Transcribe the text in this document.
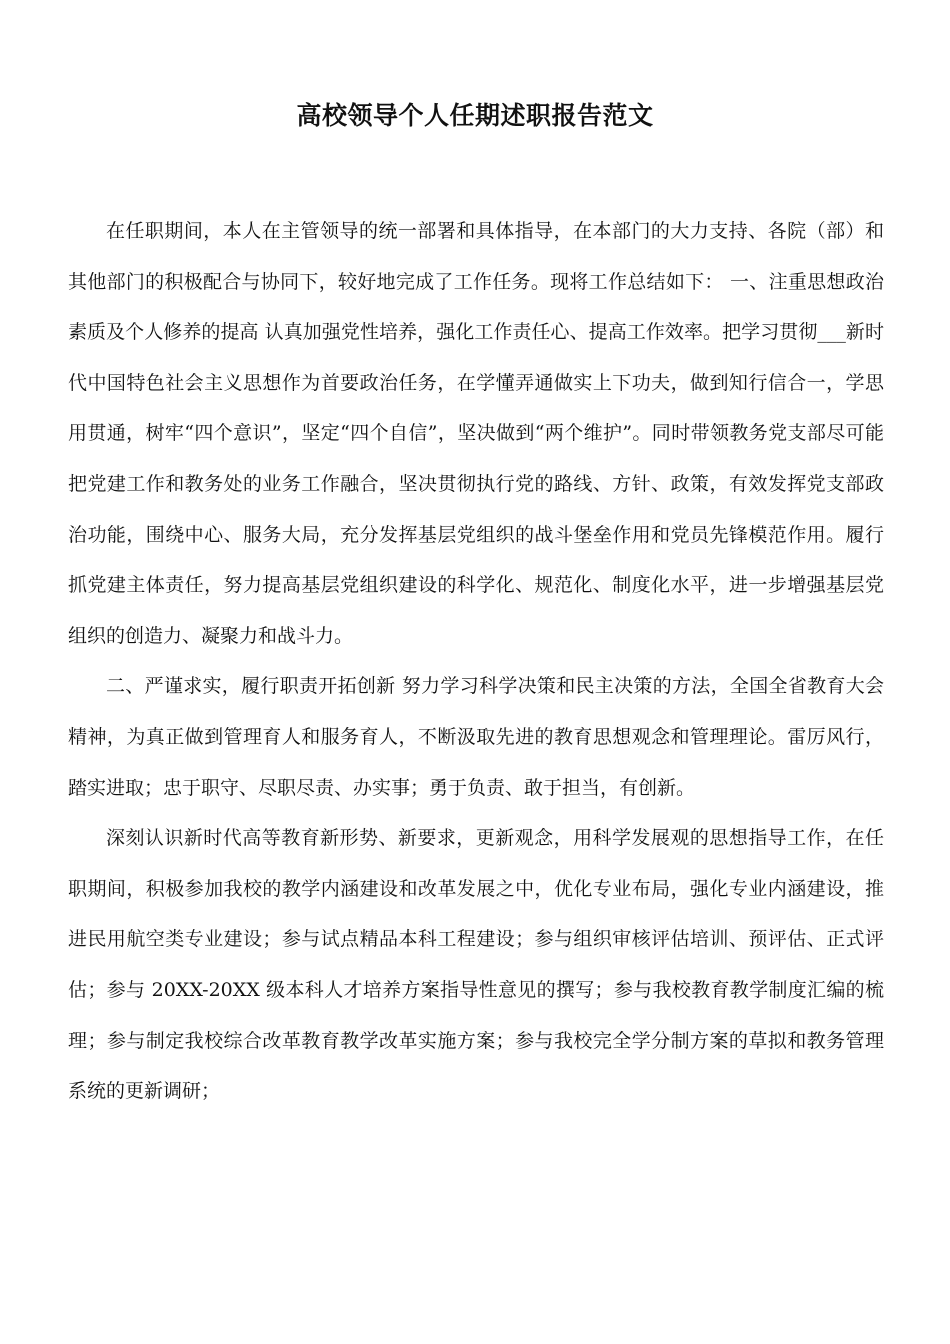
高校领导个人任期述职报告范文

在任职期间，本人在主管领导的统一部署和具体指导，在本部门的大力支持、各院（部）和其他部门的积极配合与协同下，较好地完成了工作任务。现将工作总结如下： 一、注重思想政治素质及个人修养的提高 认真加强党性培养，强化工作责任心、提高工作效率。把学习贯彻___新时代中国特色社会主义思想作为首要政治任务，在学懂弄通做实上下功夫，做到知行信合一，学思用贯通，树牢“四个意识”，坚定“四个自信”，坚决做到“两个维护”。同时带领教务党支部尽可能把党建工作和教务处的业务工作融合，坚决贯彻执行党的路线、方针、政策，有效发挥党支部政治功能，围绕中心、服务大局，充分发挥基层党组织的战斗堡垒作用和党员先锋模范作用。履行抓党建主体责任，努力提高基层党组织建设的科学化、规范化、制度化水平，进一步增强基层党组织的创造力、凝聚力和战斗力。

二、严谨求实，履行职责开拓创新 努力学习科学决策和民主决策的方法，全国全省教育大会精神，为真正做到管理育人和服务育人，不断汲取先进的教育思想观念和管理理论。雷厉风行，踏实进取；忠于职守、尽职尽责、办实事；勇于负责、敢于担当，有创新。

深刻认识新时代高等教育新形势、新要求，更新观念，用科学发展观的思想指导工作，在任职期间，积极参加我校的教学内涵建设和改革发展之中，优化专业布局，强化专业内涵建设，推进民用航空类专业建设；参与试点精品本科工程建设；参与组织审核评估培训、预评估、正式评估；参与 20XX-20XX 级本科人才培养方案指导性意见的撰写；参与我校教育教学制度汇编的梳理；参与制定我校综合改革教育教学改革实施方案；参与我校完全学分制方案的草拟和教务管理系统的更新调研；
